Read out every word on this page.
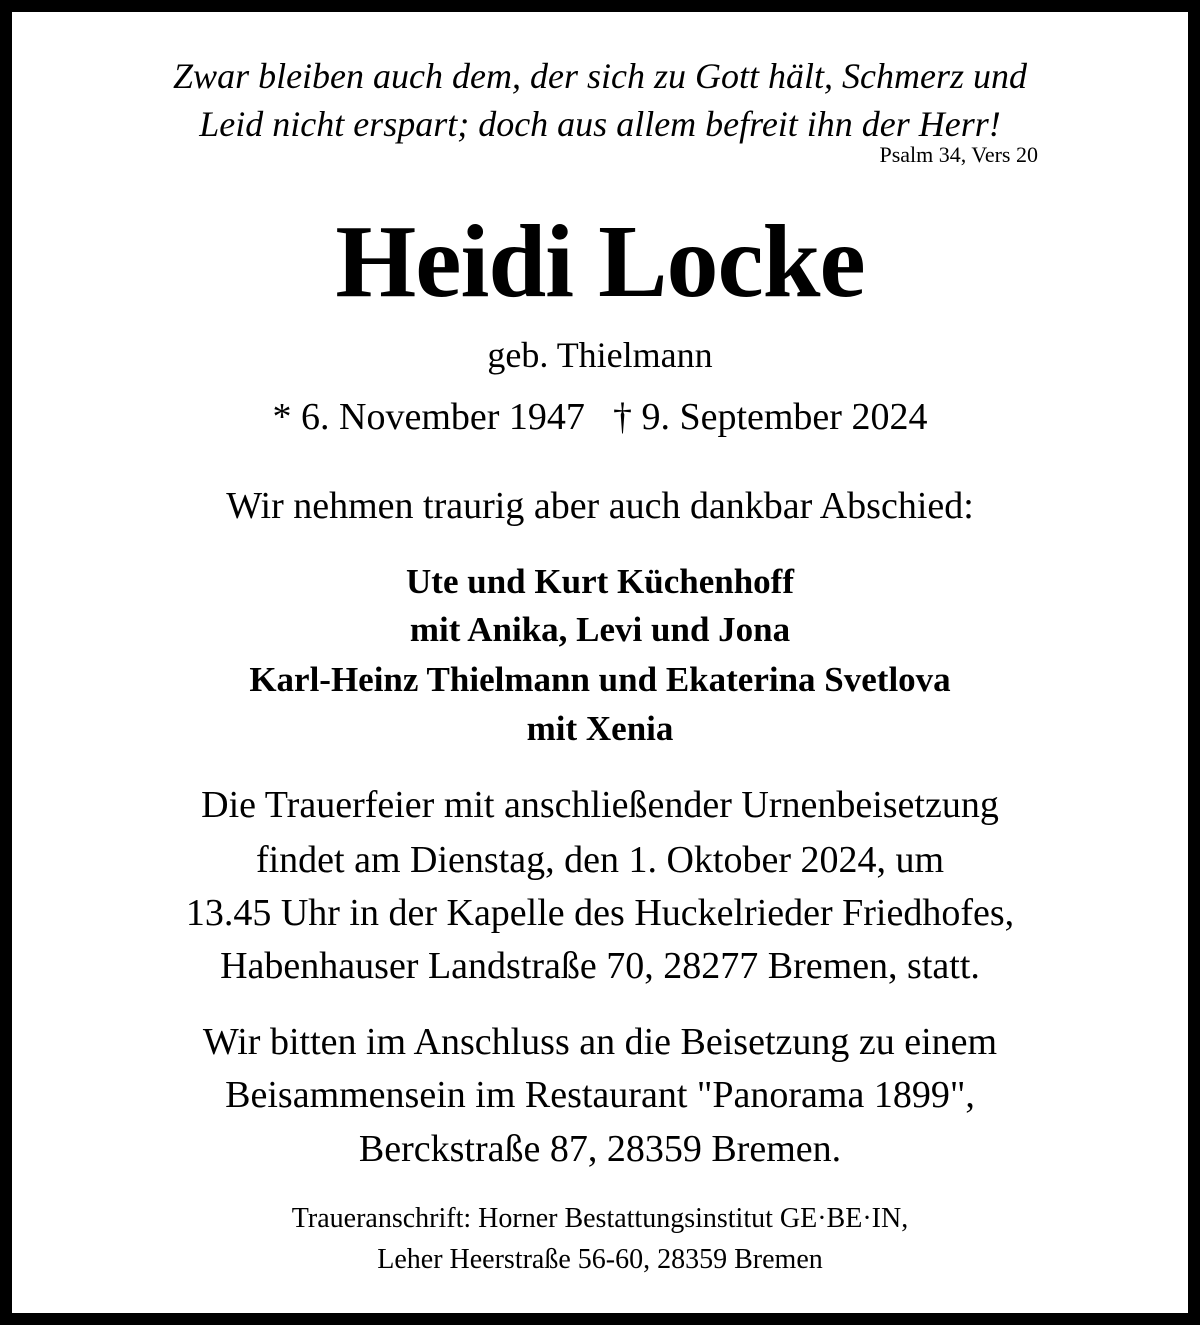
Zwar bleiben auch dem, der sich zu Gott hält, Schmerz und
Leid nicht erspart; doch aus allem befreit ihn der Herr!
Psalm 34, Vers 20
Heidi Locke
geb. Thielmann
* 6. November 1947 † 9. September 2024
Wir nehmen traurig aber auch dankbar Abschied:
Ute und Kurt Küchenhoff
mit Anika, Levi und Jona
Karl-Heinz Thielmann und Ekaterina Svetlova
mit Xenia
Die Trauerfeier mit anschließender Urnenbeisetzung
findet am Dienstag, den 1. Oktober 2024, um
13.45 Uhr in der Kapelle des Huckelrieder Friedhofes,
Habenhauser Landstraße 70, 28277 Bremen, statt.
Wir bitten im Anschluss an die Beisetzung zu einem
Beisammensein im Restaurant "Panorama 1899",
Berckstraße 87, 28359 Bremen.
Traueranschrift: Horner Bestattungsinstitut GE·BE·IN,
Leher Heerstraße 56-60, 28359 Bremen
